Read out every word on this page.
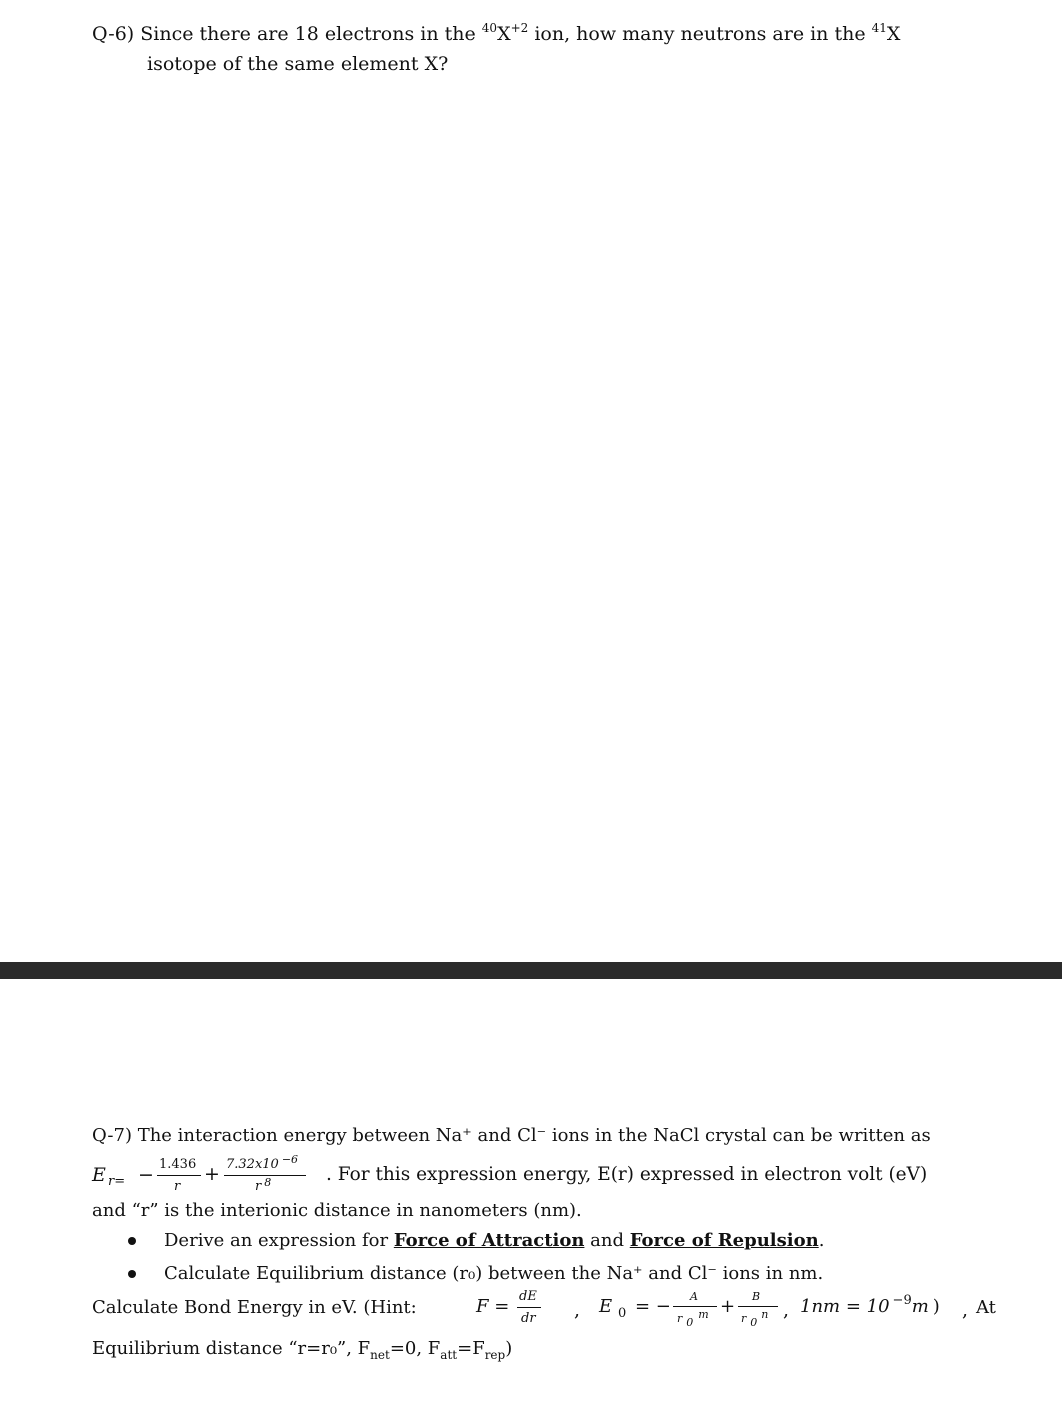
Q-6) Since there are 18 electrons in the $^{40}X^{+2}$ ion, how many neutrons are in the $^{41}$X
isotope of the same element X?
Q-7) The interaction energy between Na⁺ and Cl⁻ ions in the NaCl crystal can be written as
E r= − 1.436
r
+ 7.32x10 $^{-6}$
r $^8$	. For this expression energy, E(r) expressed in electron volt (eV)
and “r” is the interionic distance in nanometers (nm).
Derive an expression for Force of Attraction and Force of Repulsion.
Calculate Equilibrium distance (r₀) between the Na⁺ and Cl⁻ ions in nm.
Calculate Bond Energy in eV. (Hint:	F = dE
dr , E 0 = − A
r 0m + B
r 0n , 1nm = 10 $^{-9}$m ) , At
Equilibrium distance “r=r₀”, $F_{net}=0$, $F_{att}=F_{rep}$)
